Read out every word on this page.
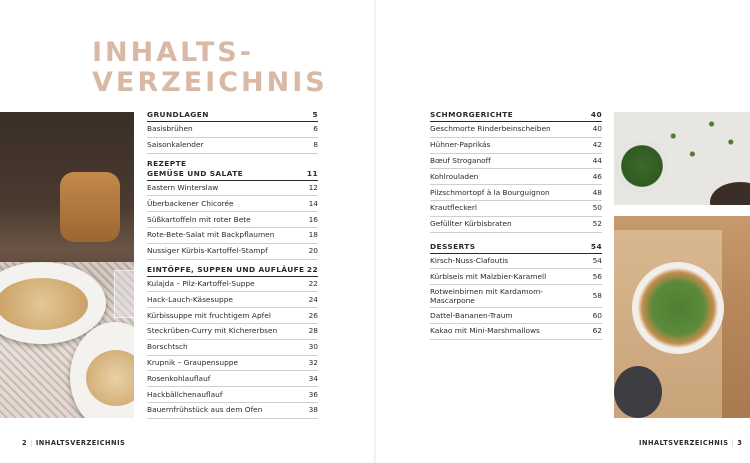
INHALTS-
VERZEICHNIS
GRUNDLAGEN	5
Basisbrühen	6
Saisonkalender	8
REZEPTE
GEMÜSE UND SALATE	11
Eastern Winterslaw	12
Überbackener Chicorée	14
Süßkartoffeln mit roter Bete	16
Rote-Bete-Salat mit Backpflaumen	18
Nussiger Kürbis-Kartoffel-Stampf	20
EINTÖPFE, SUPPEN UND AUFLÄUFE 22
Kulajda – Pilz-Kartoffel-Suppe	22
Hack-Lauch-Käsesuppe	24
Kürbissuppe mit fruchtigem Apfel	26
Steckrüben-Curry mit Kichererbsen	28
Borschtsch	30
Krupnik – Graupensuppe	32
Rosenkohlauflauf	34
Hackbällchenauflauf	36
Bauernfrühstück aus dem Ofen	38
SCHMORGERICHTE	40
Geschmorte Rinderbeinscheiben	40
Hühner-Paprikás	42
Bœuf Stroganoff	44
Kohlrouladen	46
Pilzschmortopf à la Bourguignon	48
Krautfleckerl	50
Gefüllter Kürbisbraten	52
DESSERTS	54
Kirsch-Nuss-Clafoutis	54
Kürbiseis mit Malzbier-Karamell	56
Rotweinbirnen mit Kardamom-Mascarpone
58
Dattel-Bananen-Traum	60
Kakao mit Mini-Marshmallows	62
2 | INHALTSVERZEICHNIS	INHALTSVERZEICHNIS | 3
